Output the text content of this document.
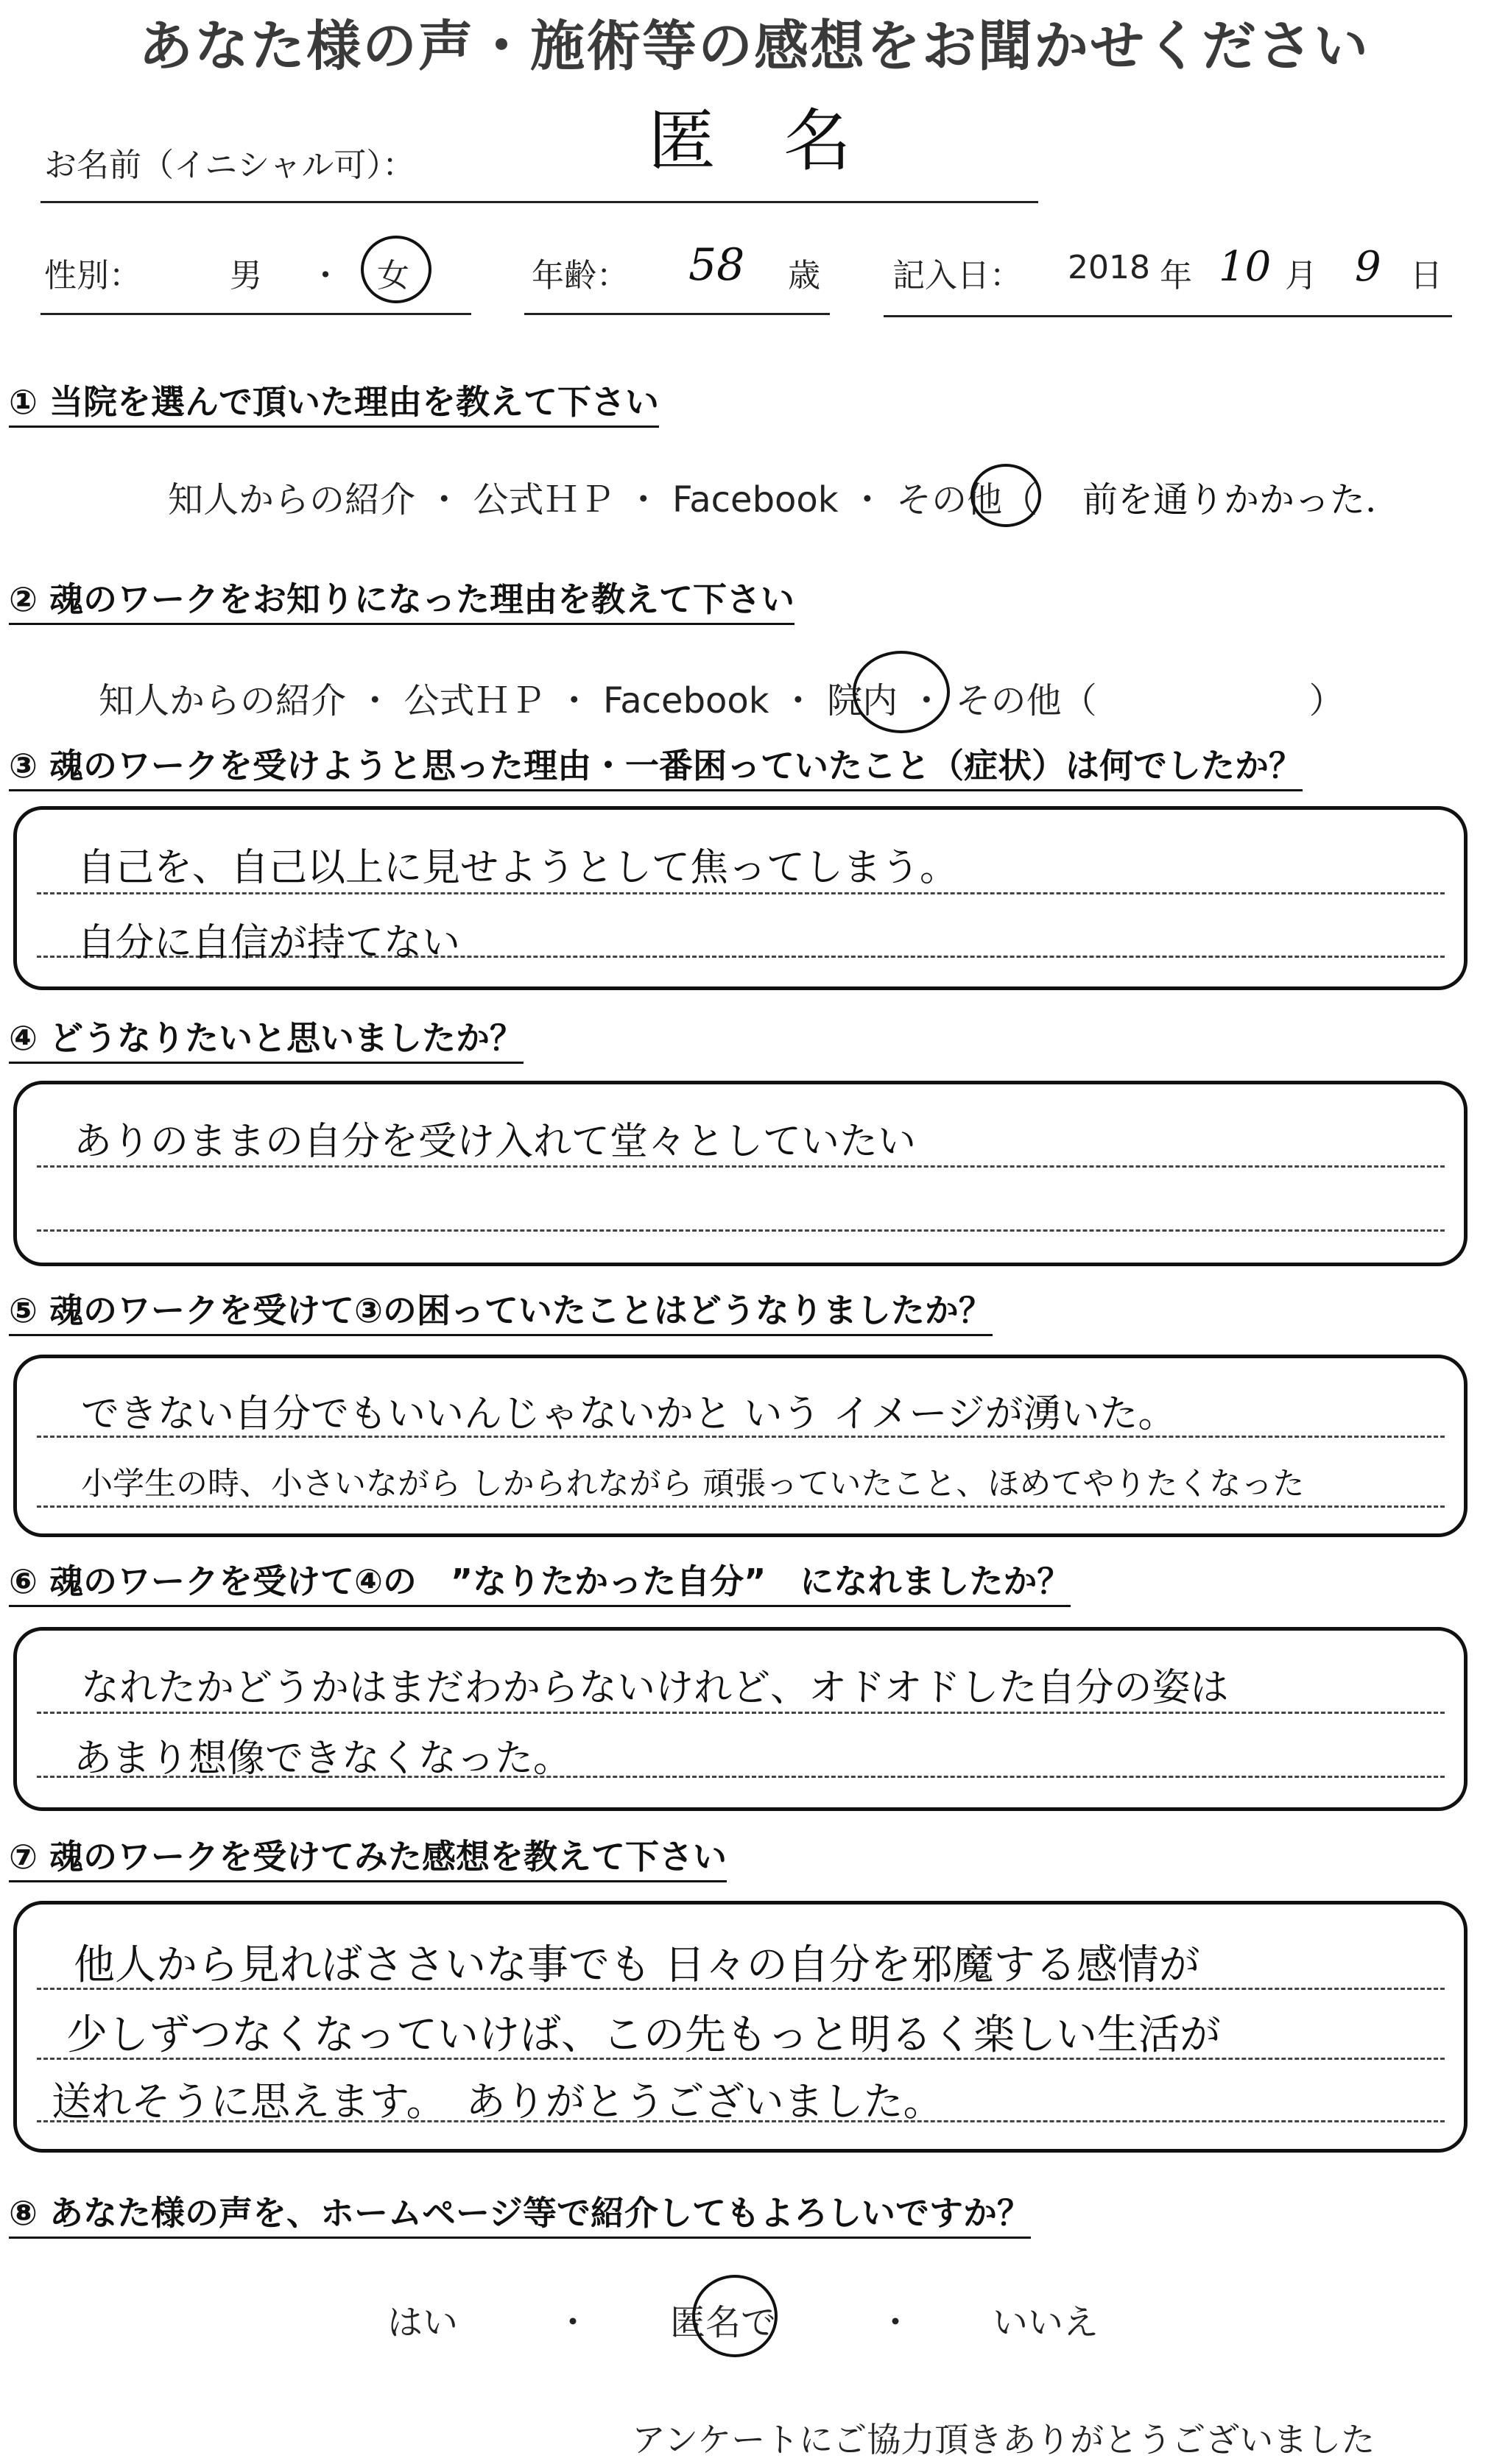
あなた様の声・施術等の感想をお聞かせください
お名前（イニシャル可）：	匿　名
性別：	男 ・ 女	年齢： 58 歳 記入日： 2018 年 10 月 9 日
① 当院を選んで頂いた理由を教えて下さい
知人からの紹介 ・ 公式ＨＰ ・ Facebook ・ その他（ 前を通りかかった.
② 魂のワークをお知りになった理由を教えて下さい
知人からの紹介 ・ 公式ＨＰ ・ Facebook ・ 院内 ・ その他（　　　　　　）
③ 魂のワークを受けようと思った理由・一番困っていたこと（症状）は何でしたか？
自己を、自己以上に見せようとして焦ってしまう。
自分に自信が持てない
④ どうなりたいと思いましたか？
ありのままの自分を受け入れて堂々としていたい
⑤ 魂のワークを受けて③の困っていたことはどうなりましたか？
できない自分でもいいんじゃないかと いう イメージが湧いた。
小学生の時、小さいながら しかられながら 頑張っていたこと、ほめてやりたくなった
⑥ 魂のワークを受けて④の　”なりたかった自分”　になれましたか？
なれたかどうかはまだわからないけれど、オドオドした自分の姿は
あまり想像できなくなった。
⑦ 魂のワークを受けてみた感想を教えて下さい
他人から見ればささいな事でも 日々の自分を邪魔する感情が
少しずつなくなっていけば、この先もっと明るく楽しい生活が
送れそうに思えます。　ありがとうございました。
⑧ あなた様の声を、ホームページ等で紹介してもよろしいですか？
はい	・ 匿名で	・ いいえ
アンケートにご協力頂きありがとうございました
